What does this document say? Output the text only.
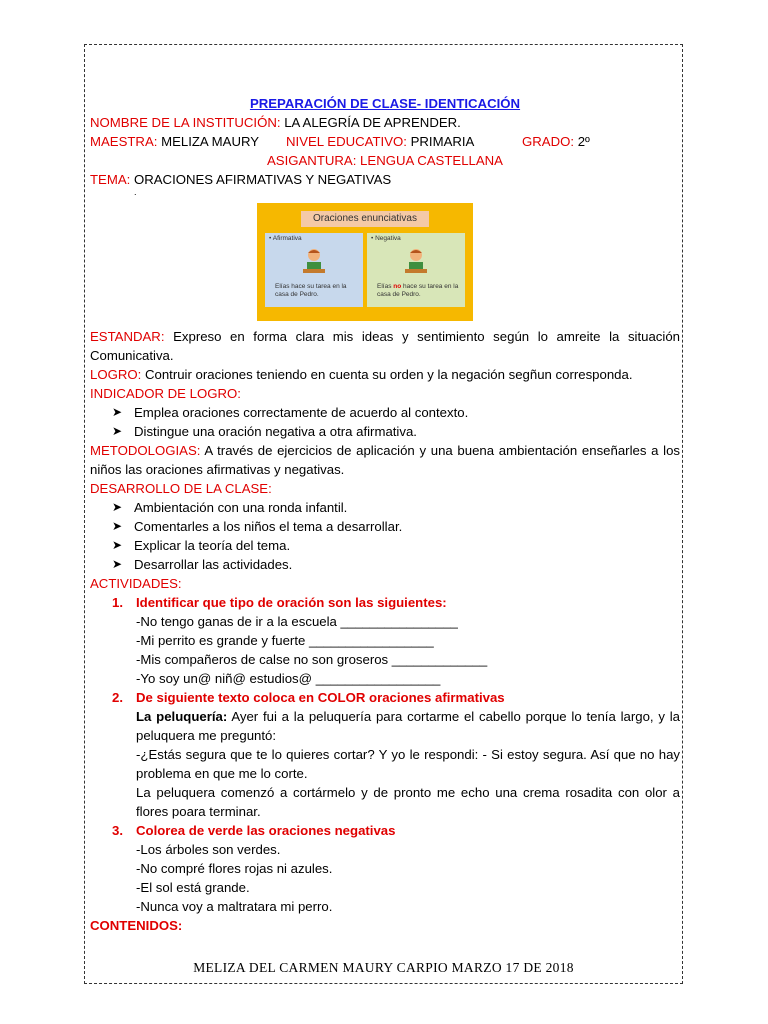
PREPARACIÓN DE CLASE- IDENTICACIÓN
NOMBRE DE LA INSTITUCIÓN: LA ALEGRÍA DE APRENDER.
MAESTRA: MELIZA MAURY NIVEL EDUCATIVO: PRIMARIA	GRADO: 2º
ASIGANTURA: LENGUA CASTELLANA
TEMA: ORACIONES AFIRMATIVAS Y NEGATIVAS
.
Oraciones enunciativas
• Afirmativa
Elías hace su tarea en la casa de Pedro.
• Negativa
Elías no hace su tarea en la casa de Pedro.
ESTANDAR: Expreso en forma clara mis ideas y sentimiento según lo amreite la situación Comunicativa.
LOGRO: Contruir oraciones teniendo en cuenta su orden y la negación segñun corresponda.
INDICADOR DE LOGRO:
➤ Emplea oraciones correctamente de acuerdo al contexto.
➤ Distingue una oración negativa a otra afirmativa.
METODOLOGIAS: A través de ejercicios de aplicación y una buena ambientación enseñarles a los niños las oraciones afirmativas y negativas.
DESARROLLO DE LA CLASE:
➤ Ambientación con una ronda infantil.
➤ Comentarles a los niños el tema a desarrollar.
➤ Explicar la teoría del tema.
➤ Desarrollar las actividades.
ACTIVIDADES:
1. Identificar que tipo de oración son las siguientes:
-No tengo ganas de ir a la escuela ________________
-Mi perrito es grande y fuerte _________________
-Mis compañeros de calse no son groseros _____________
-Yo soy un@ niñ@ estudios@ _________________
2. De siguiente texto coloca en COLOR oraciones afirmativas
La peluquería: Ayer fui a la peluquería para cortarme el cabello porque lo tenía largo, y la peluquera me preguntó:
-¿Estás segura que te lo quieres cortar? Y yo le respondi: - Si estoy segura. Así que no hay problema en que me lo corte.
La peluquera comenzó a cortármelo y de pronto me echo una crema rosadita con olor a flores poara terminar.
3. Colorea de verde las oraciones negativas
-Los árboles son verdes.
-No compré flores rojas ni azules.
-El sol está grande.
-Nunca voy a maltratara mi perro.
CONTENIDOS:
MELIZA DEL CARMEN MAURY CARPIO MARZO 17 DE 2018
